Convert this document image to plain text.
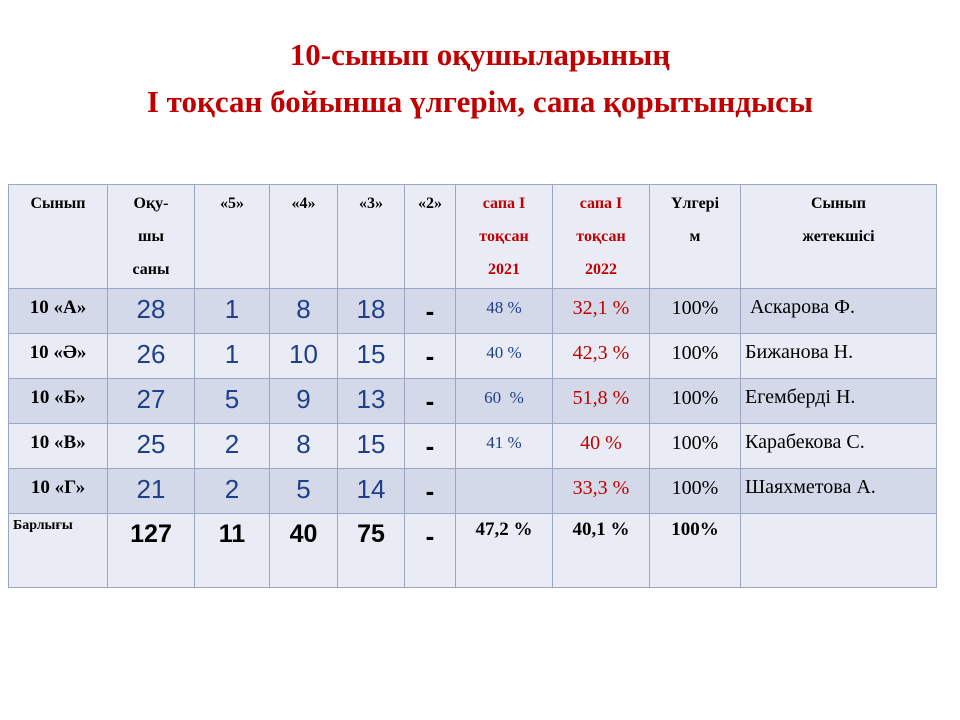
10-сынып оқушыларының
І тоқсан бойынша үлгерім, сапа қорытындысы
Сынып	Оқу-
шы
саны	«5»	«4»	«3»	«2»	сапа І
тоқсан
2021	сапа І
тоқсан
2022	Үлгері
м	Сынып
жетекшісі
10 «А»	28	1	8	18	-	48 %	32,1 %	100%	Аскарова Ф.
10 «Ә»	26	1	10	15	-	40 %	42,3 %	100%	Бижанова Н.
10 «Б»	27	5	9	13	-	60  %	51,8 %	100%	Егемберді Н.
10 «В»	25	2	8	15	-	41 %	40 %	100%	Карабекова С.
10 «Г»	21	2	5	14	-		33,3 %	100%	Шаяхметова А.
Барлығы	127	11	40	75	-	47,2 %	40,1 %	100%	
